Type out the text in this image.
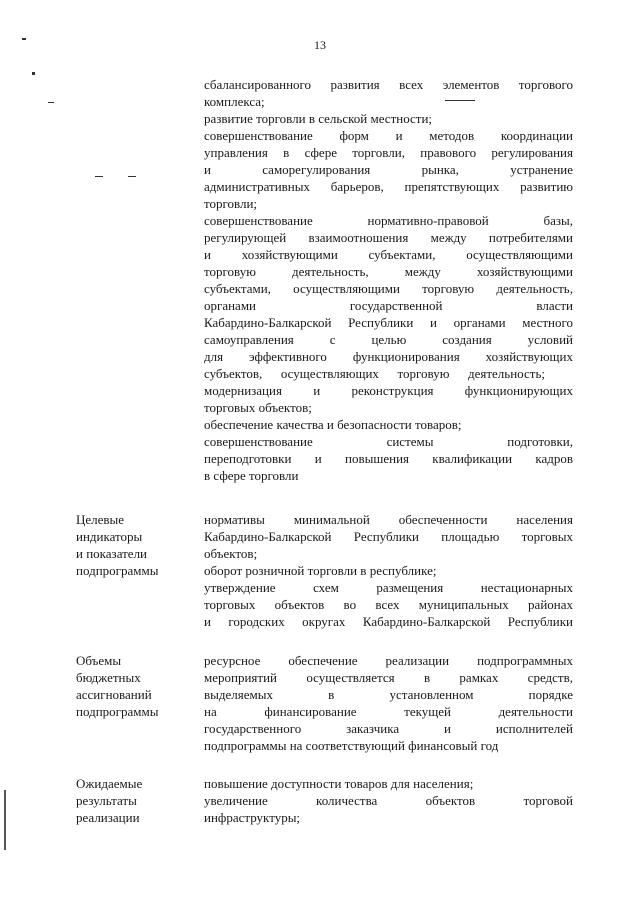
13
сбалансированного развития всех элементов торгового
комплекса;
развитие торговли в сельской местности;
совершенствование форм и методов координации
управления в сфере торговли, правового регулирования
и саморегулирования рынка, устранение
административных барьеров, препятствующих развитию
торговли;
совершенствование нормативно-правовой базы,
регулирующей взаимоотношения между потребителями
и хозяйствующими субъектами, осуществляющими
торговую деятельность, между хозяйствующими
субъектами, осуществляющими торговую деятельность,
органами государственной власти
Кабардино-Балкарской Республики и органами местного
самоуправления с целью создания условий
для эффективного функционирования хозяйствующих
субъектов, осуществляющих торговую деятельность;
модернизация и реконструкция функционирующих
торговых объектов;
обеспечение качества и безопасности товаров;
совершенствование системы подготовки,
переподготовки и повышения квалификации кадров
в сфере торговли
Целевые
индикаторы
и показатели
подпрограммы
нормативы минимальной обеспеченности населения
Кабардино-Балкарской Республики площадью торговых
объектов;
оборот розничной торговли в республике;
утверждение схем размещения нестационарных
торговых объектов во всех муниципальных районах
и городских округах Кабардино-Балкарской Республики
Объемы
бюджетных
ассигнований
подпрограммы
ресурсное обеспечение реализации подпрограммных
мероприятий осуществляется в рамках средств,
выделяемых в установленном порядке
на финансирование текущей деятельности
государственного заказчика и исполнителей
подпрограммы на соответствующий финансовый год
Ожидаемые
результаты
реализации
повышение доступности товаров для населения;
увеличение количества объектов торговой
инфраструктуры;
